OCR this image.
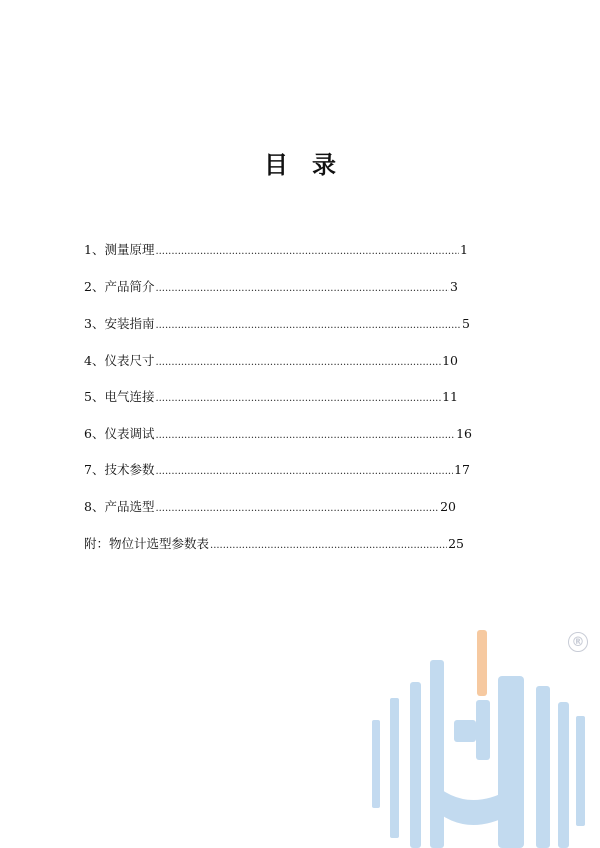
目 录
1、测量原理 .....	1
2、产品简介 .....	3
3、安装指南 .....	5
4、仪表尺寸 .....	10
5、电气连接 .....	11
6、仪表调试 .....	16
7、技术参数 .....	17
8、产品选型 .....	20
附：物位计选型参数表 .....	25
®
